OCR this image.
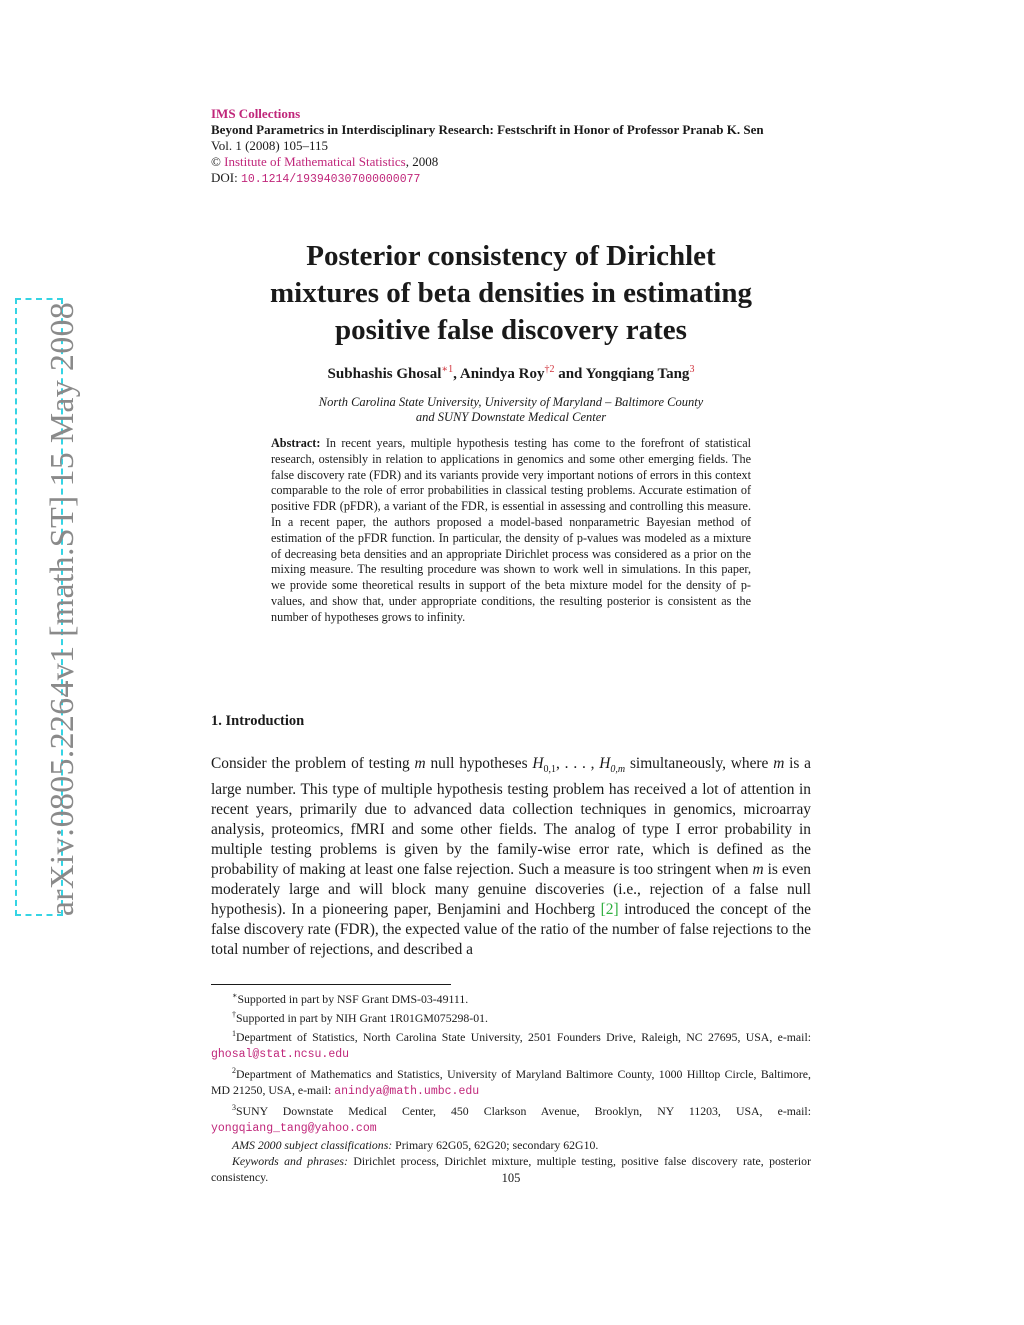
arXiv:0805.2264v1 [math.ST] 15 May 2008
IMS Collections
Beyond Parametrics in Interdisciplinary Research: Festschrift in Honor of Professor Pranab K. Sen
Vol. 1 (2008) 105–115
© Institute of Mathematical Statistics, 2008
DOI: 10.1214/193940307000000077
Posterior consistency of Dirichlet
mixtures of beta densities in estimating
positive false discovery rates
Subhashis Ghosal$^{∗1}$, Anindya Roy$^{\dagger 2}$ and Yongqiang Tang$^3$
North Carolina State University, University of Maryland – Baltimore County
and SUNY Downstate Medical Center
Abstract: In recent years, multiple hypothesis testing has come to the forefront of statistical research, ostensibly in relation to applications in genomics and some other emerging fields. The false discovery rate (FDR) and its variants provide very important notions of errors in this context comparable to the role of error probabilities in classical testing problems. Accurate estimation of positive FDR (pFDR), a variant of the FDR, is essential in assessing and controlling this measure. In a recent paper, the authors proposed a model-based nonparametric Bayesian method of estimation of the pFDR function. In particular, the density of p-values was modeled as a mixture of decreasing beta densities and an appropriate Dirichlet process was considered as a prior on the mixing measure. The resulting procedure was shown to work well in simulations. In this paper, we provide some theoretical results in support of the beta mixture model for the density of p-values, and show that, under appropriate conditions, the resulting posterior is consistent as the number of hypotheses grows to infinity.
1. Introduction
Consider the problem of testing m null hypotheses $H_{0,1}$, . . . , $H_{0,m}$ simultaneously, where m is a large number. This type of multiple hypothesis testing problem has received a lot of attention in recent years, primarily due to advanced data collection techniques in genomics, microarray analysis, proteomics, fMRI and some other fields. The analog of type I error probability in multiple testing problems is given by the family-wise error rate, which is defined as the probability of making at least one false rejection. Such a measure is too stringent when m is even moderately large and will block many genuine discoveries (i.e., rejection of a false null hypothesis). In a pioneering paper, Benjamini and Hochberg [2] introduced the concept of the false discovery rate (FDR), the expected value of the ratio of the number of false rejections to the total number of rejections, and described a

∗Supported in part by NSF Grant DMS-03-49111.

†Supported in part by NIH Grant 1R01GM075298-01.

$^1$Department of Statistics, North Carolina State University, 2501 Founders Drive, Raleigh, NC 27695, USA, e-mail: ghosal@stat.ncsu.edu

$^2$Department of Mathematics and Statistics, University of Maryland Baltimore County, 1000 Hilltop Circle, Baltimore, MD 21250, USA, e-mail: anindya@math.umbc.edu

$^3$SUNY Downstate Medical Center, 450 Clarkson Avenue, Brooklyn, NY 11203, USA, e-mail: yongqiang_tang@yahoo.com

AMS 2000 subject classifications: Primary 62G05, 62G20; secondary 62G10.

Keywords and phrases: Dirichlet process, Dirichlet mixture, multiple testing, positive false discovery rate, posterior consistency.	105
